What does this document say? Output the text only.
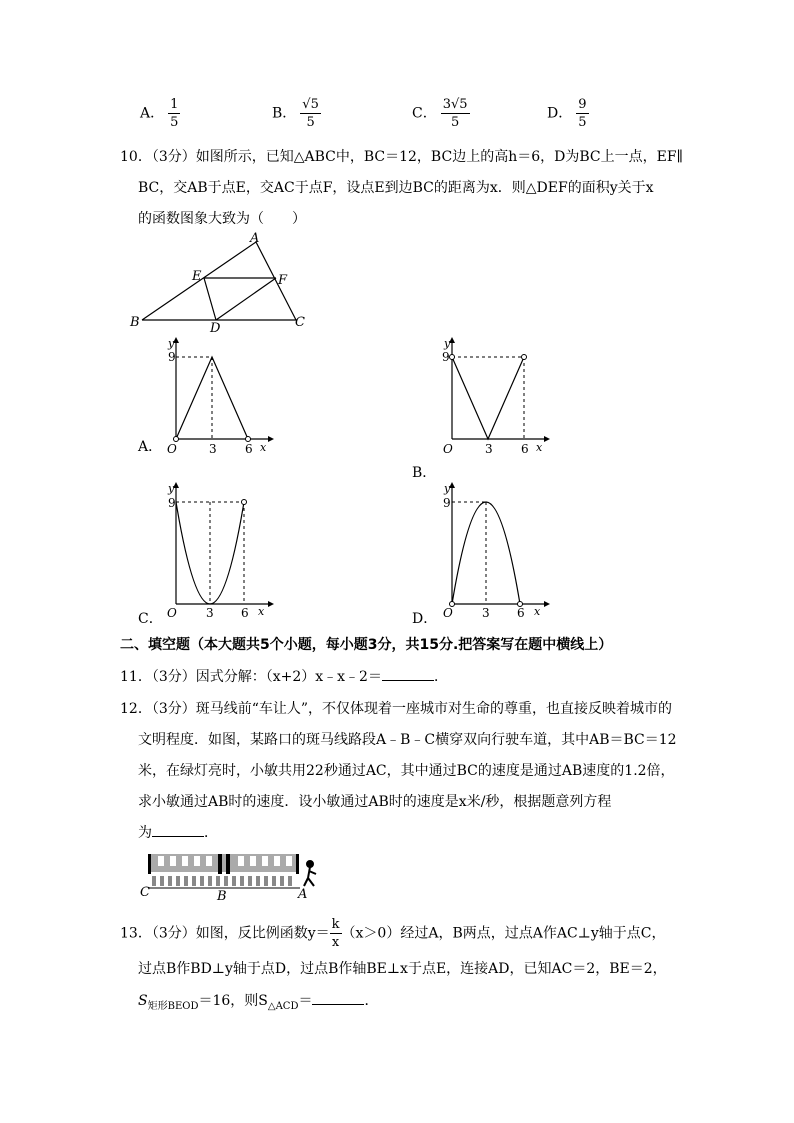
A． $\frac{1}{5}$	B． $\frac{√5}{5}$	C． $\frac{3√5}{5}$	D． $\frac{9}{5}$
10．（3分）如图所示，已知△ABC中，BC＝12，BC边上的高h＝6，D为BC上一点，EF∥
BC，交AB于点E，交AC于点F，设点E到边BC的距离为x．则△DEF的面积y关于x
的函数图象大致为（　　）
A
B	C
D
E	F
y
9
O	3 6 x
A．
y
9
O	3 6 x
B．
y
9
O 3 6 x
C．
y
9
O 3 6 x
D．
二、填空题（本大题共5个小题，每小题3分，共15分.把答案写在题中横线上）
11．（3分）因式分解：（x+2）x﹣x﹣2＝	．
12．（3分）斑马线前“车让人”，不仅体现着一座城市对生命的尊重，也直接反映着城市的
文明程度．如图，某路口的斑马线路段A﹣B﹣C横穿双向行驶车道，其中AB＝BC＝12
米，在绿灯亮时，小敏共用22秒通过AC，其中通过BC的速度是通过AB速度的1.2倍，
求小敏通过AB时的速度．设小敏通过AB时的速度是x米/秒，根据题意列方程
为	．
C	B	A
13．（3分）如图，反比例函数$y= \frac{k}{x} (x>0)$经过A，B两点，过点A作AC⊥y轴于点C，
过点B作BD⊥y轴于点D，过点B作轴BE⊥x于点E，连接AD，已知AC＝2，BE＝2，
$S_{矩形BEOD}=16$，则$S_{\triangle ACD}=$	．
